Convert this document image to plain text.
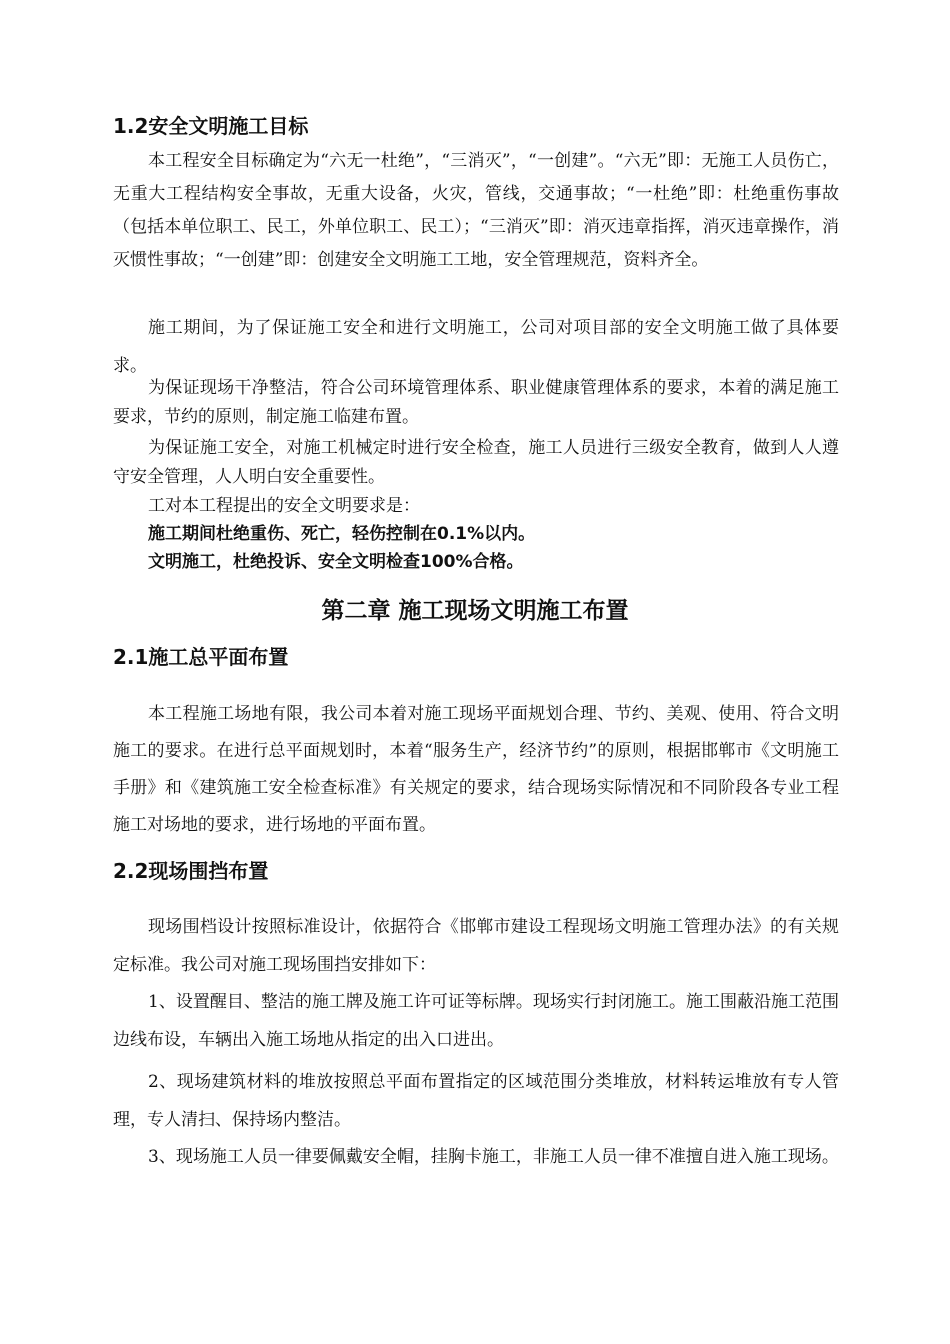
1.2安全文明施工目标

本工程安全目标确定为“六无一杜绝”，“三消灭”，“一创建”。“六无”即：无施工人员伤亡，无重大工程结构安全事故，无重大设备，火灾，管线，交通事故；“一杜绝”即：杜绝重伤事故（包括本单位职工、民工，外单位职工、民工）；“三消灭”即：消灭违章指挥，消灭违章操作，消灭惯性事故；“一创建”即：创建安全文明施工工地，安全管理规范，资料齐全。

施工期间，为了保证施工安全和进行文明施工，公司对项目部的安全文明施工做了具体要求。

为保证现场干净整洁，符合公司环境管理体系、职业健康管理体系的要求，本着的满足施工要求，节约的原则，制定施工临建布置。

为保证施工安全，对施工机械定时进行安全检查，施工人员进行三级安全教育，做到人人遵守安全管理，人人明白安全重要性。

工对本工程提出的安全文明要求是：

施工期间杜绝重伤、死亡，轻伤控制在0.1%以内。

文明施工，杜绝投诉、安全文明检查100%合格。

第二章 施工现场文明施工布置
2.1施工总平面布置

本工程施工场地有限，我公司本着对施工现场平面规划合理、节约、美观、使用、符合文明施工的要求。在进行总平面规划时，本着“服务生产，经济节约”的原则，根据邯郸市《文明施工手册》和《建筑施工安全检查标准》有关规定的要求，结合现场实际情况和不同阶段各专业工程施工对场地的要求，进行场地的平面布置。

2.2现场围挡布置

现场围档设计按照标准设计，依据符合《邯郸市建设工程现场文明施工管理办法》的有关规定标准。我公司对施工现场围挡安排如下：

1、设置醒目、整洁的施工牌及施工许可证等标牌。现场实行封闭施工。施工围蔽沿施工范围边线布设，车辆出入施工场地从指定的出入口进出。

2、现场建筑材料的堆放按照总平面布置指定的区域范围分类堆放，材料转运堆放有专人管理，专人清扫、保持场内整洁。

3、现场施工人员一律要佩戴安全帽，挂胸卡施工，非施工人员一律不准擅自进入施工现场。
